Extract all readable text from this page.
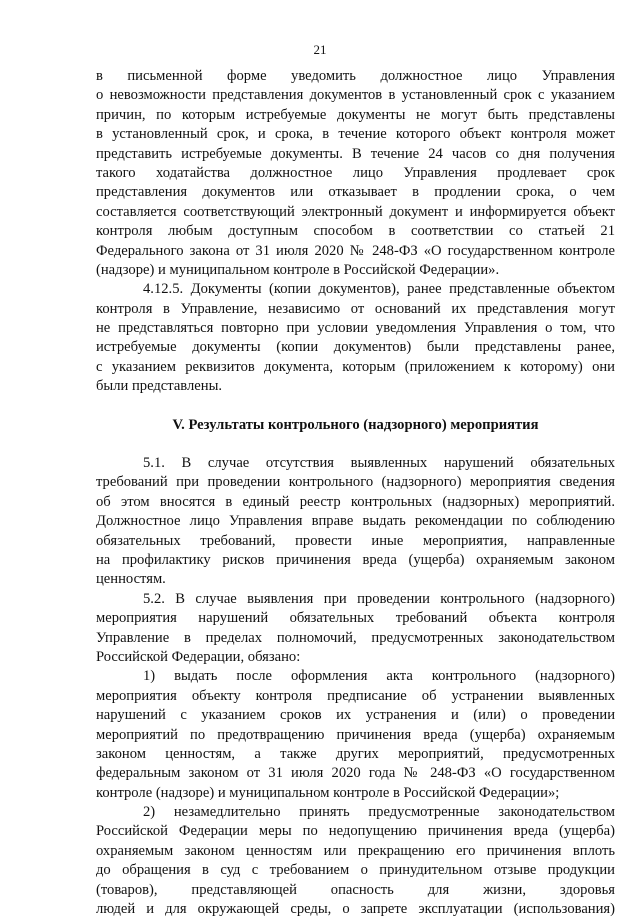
21
в письменной форме уведомить должностное лицо Управления
о невозможности представления документов в установленный срок с указанием
причин, по которым истребуемые документы не могут быть представлены
в установленный срок, и срока, в течение которого объект контроля может
представить истребуемые документы. В течение 24 часов со дня получения
такого ходатайства должностное лицо Управления продлевает срок
представления документов или отказывает в продлении срока, о чем
составляется соответствующий электронный документ и информируется объект
контроля любым доступным способом в соответствии со статьей 21
Федерального закона от 31 июля 2020 № 248-ФЗ «О государственном контроле
(надзоре) и муниципальном контроле в Российской Федерации».
4.12.5. Документы (копии документов), ранее представленные объектом
контроля в Управление, независимо от оснований их представления могут
не представляться повторно при условии уведомления Управления о том, что
истребуемые документы (копии документов) были представлены ранее,
с указанием реквизитов документа, которым (приложением к которому) они
были представлены.
V. Результаты контрольного (надзорного) мероприятия
5.1. В случае отсутствия выявленных нарушений обязательных
требований при проведении контрольного (надзорного) мероприятия сведения
об этом вносятся в единый реестр контрольных (надзорных) мероприятий.
Должностное лицо Управления вправе выдать рекомендации по соблюдению
обязательных требований, провести иные мероприятия, направленные
на профилактику рисков причинения вреда (ущерба) охраняемым законом
ценностям.
5.2. В случае выявления при проведении контрольного (надзорного)
мероприятия нарушений обязательных требований объекта контроля
Управление в пределах полномочий, предусмотренных законодательством
Российской Федерации, обязано:
1) выдать после оформления акта контрольного (надзорного)
мероприятия объекту контроля предписание об устранении выявленных
нарушений с указанием сроков их устранения и (или) о проведении
мероприятий по предотвращению причинения вреда (ущерба) охраняемым
законом ценностям, а также других мероприятий, предусмотренных
федеральным законом от 31 июля 2020 года № 248-ФЗ «О государственном
контроле (надзоре) и муниципальном контроле в Российской Федерации»;
2) незамедлительно принять предусмотренные законодательством
Российской Федерации меры по недопущению причинения вреда (ущерба)
охраняемым законом ценностям или прекращению его причинения вплоть
до обращения в суд с требованием о принудительном отзыве продукции
(товаров), представляющей опасность для жизни, здоровья
людей и для окружающей среды, о запрете эксплуатации (использования)
